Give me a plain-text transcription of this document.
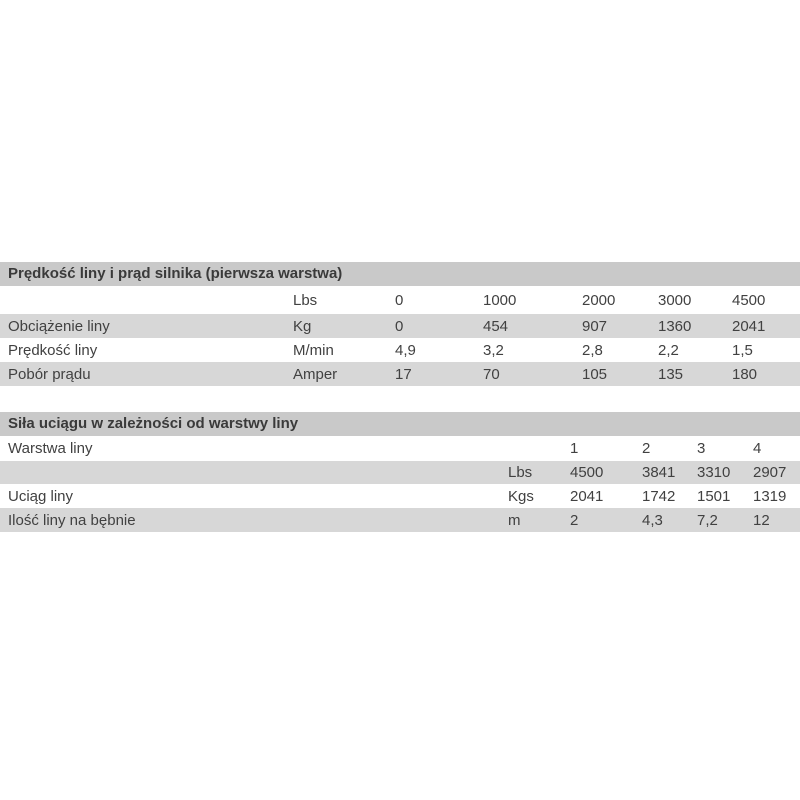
Prędkość liny i prąd silnika (pierwsza warstwa)
	Lbs	0	1000	2000	3000	4500
Obciążenie liny	Kg	0	454	907	1360	2041
Prędkość liny	M/min	4,9	3,2	2,8	2,2	1,5
Pobór prądu	Amper	17	70	105	135	180
Siła uciągu w zależności od warstwy liny
Warstwa liny		1	2	3	4
	Lbs	4500	3841	3310	2907
Uciąg liny	Kgs	2041	1742	1501	1319
Ilość liny na bębnie	m	2	4,3	7,2	12
